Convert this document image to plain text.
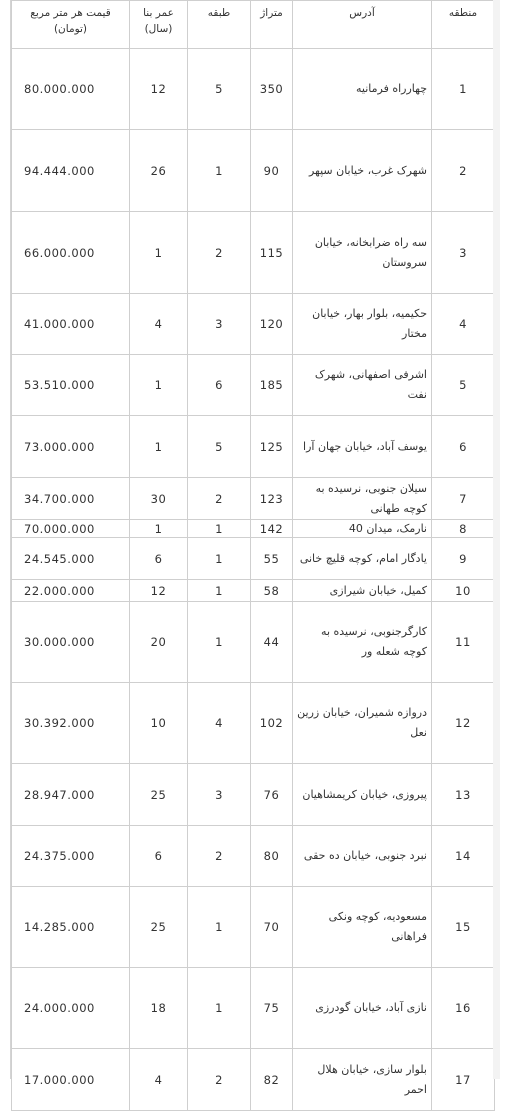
منطقه	آدرس	متراژ	طبقه	عمر بنا (سال)	قیمت هر متر مربع (تومان)
1	چهارراه فرمانیه	350	5	12	80.000.000
2	شهرک غرب، خیابان سپهر	90	1	26	94.444.000
3	سه راه ضرابخانه، خیابان سروستان	115	2	1	66.000.000
4	حکیمیه، بلوار بهار، خیابان مختار	120	3	4	41.000.000
5	اشرفی اصفهانی، شهرک نفت	185	6	1	53.510.000
6	یوسف آباد، خیابان جهان آرا	125	5	1	73.000.000
7	سیلان جنوبی، نرسیده به کوچه طهانی	123	2	30	34.700.000
8	نارمک، میدان 40	142	1	1	70.000.000
9	یادگار امام، کوچه قلیچ خانی	55	1	6	24.545.000
10	کمیل، خیابان شیرازی	58	1	12	22.000.000
11	کارگرجنوبی، نرسیده به کوچه شعله ور	44	1	20	30.000.000
12	دروازه شمیران، خیابان زرین نعل	102	4	10	30.392.000
13	پیروزی، خیابان کریمشاهیان	76	3	25	28.947.000
14	نبرد جنوبی، خیابان ده حقی	80	2	6	24.375.000
15	مسعودیه، کوچه ونکی فراهانی	70	1	25	14.285.000
16	نازی آباد، خیابان گودرزی	75	1	18	24.000.000
17	بلوار سازی، خیابان هلال احمر	82	2	4	17.000.000
